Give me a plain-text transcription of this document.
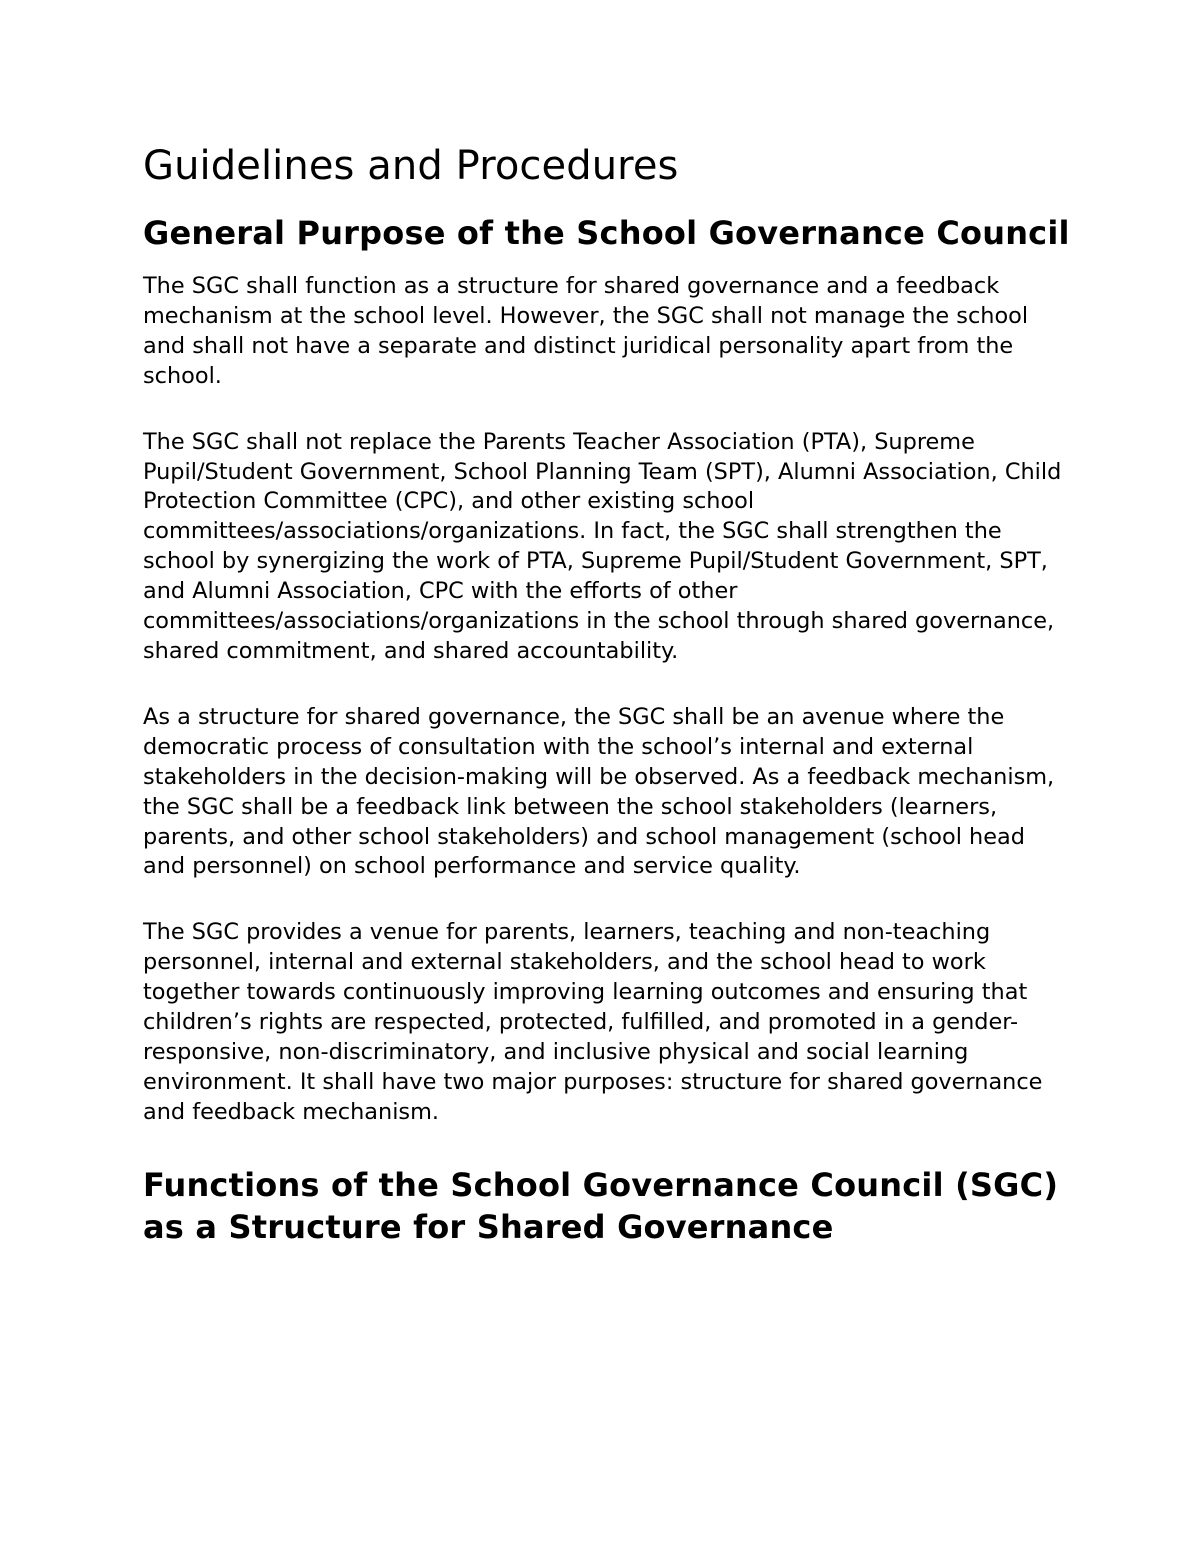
Guidelines and Procedures
General Purpose of the School Governance Council

The SGC shall function as a structure for shared governance and a feedback mechanism at the school level. However, the SGC shall not manage the school and shall not have a separate and distinct juridical personality apart from the school.

The SGC shall not replace the Parents Teacher Association (PTA), Supreme Pupil/Student Government, School Planning Team (SPT), Alumni Association, Child Protection Committee (CPC), and other existing school committees/associations/organizations. In fact, the SGC shall strengthen the school by synergizing the work of PTA, Supreme Pupil/Student Government, SPT, and Alumni Association, CPC with the efforts of other committees/associations/organizations in the school through shared governance, shared commitment, and shared accountability.

As a structure for shared governance, the SGC shall be an avenue where the democratic process of consultation with the school’s internal and external stakeholders in the decision-making will be observed. As a feedback mechanism, the SGC shall be a feedback link between the school stakeholders (learners, parents, and other school stakeholders) and school management (school head and personnel) on school performance and service quality.

The SGC provides a venue for parents, learners, teaching and non-teaching personnel, internal and external stakeholders, and the school head to work together towards continuously improving learning outcomes and ensuring that children’s rights are respected, protected, fulfilled, and promoted in a gender-responsive, non-discriminatory, and inclusive physical and social learning environment. It shall have two major purposes: structure for shared governance and feedback mechanism.

Functions of the School Governance Council (SGC) as a Structure for Shared Governance
